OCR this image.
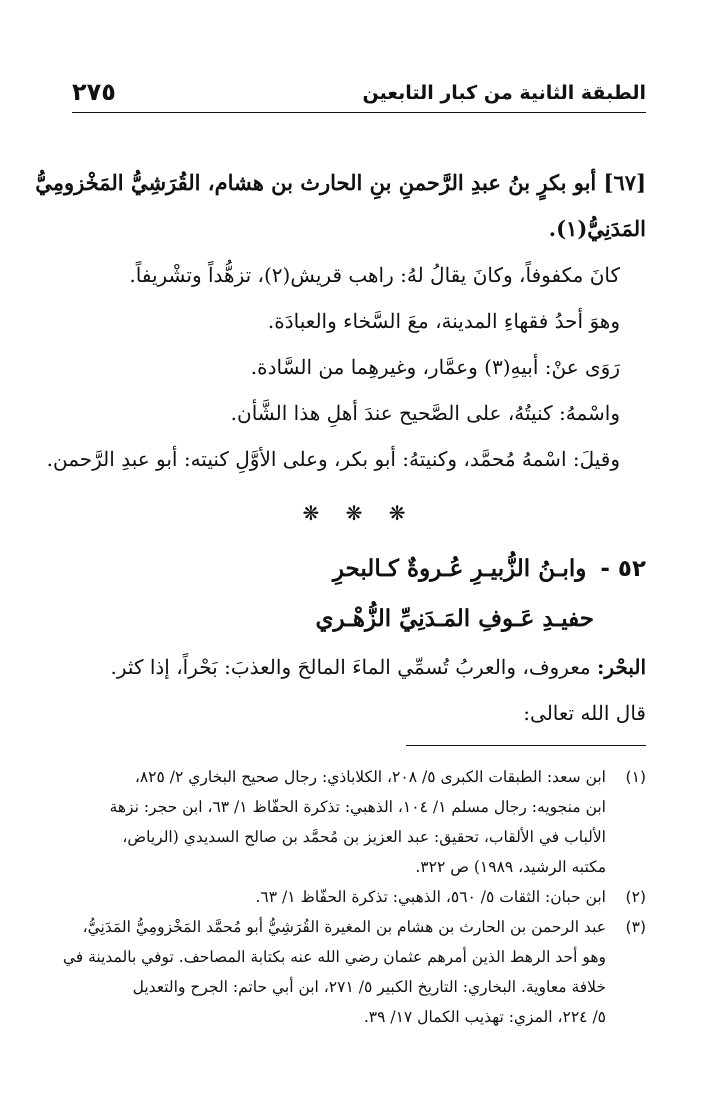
الطبقة الثانية من كبار التابعين
٢٧٥

[٦٧] أبو بكرٍ بنُ عبدِ الرَّحمنِ بنِ الحارث بن هشام، القُرَشِيُّ المَخْزومِيُّ

المَدَنِيُّ(١).

كانَ مكفوفاً، وكانَ يقالُ لهُ: راهب قريش(٢)، تزهُّداً وتشْريفاً.

وهوَ أحدُ فقهاءِ المدينة، معَ السَّخاء والعبادَة.

رَوَى عنْ: أبيهِ(٣) وعمَّار، وغيرهِما من السَّادة.

واسْمهُ: كنيتُهُ، على الصَّحيح عندَ أهلِ هذا الشَّأن.

وقيلَ: اسْمهُ مُحمَّد، وكنيتهُ: أبو بكر، وعلى الأوَّلِ كنيته: أبو عبدِ الرَّحمن.

❋ ❋ ❋

٥٢ -وابـنُ الزُّبيـرِ عُـروةٌ كـالبحرِ

حفيـدِ عَـوفِ المَـدَنِيِّ الزُّهْـري

البحْر: معروف، والعربُ تُسمِّي الماءَ المالحَ والعذبَ: بَحْراً، إذا كثر.

قال الله تعالى:

(١)
ابن سعد: الطبقات الكبرى ٥/ ٢٠٨، الكلاباذي: رجال صحيح البخاري ٢/ ٨٢٥،
ابن منجويه: رجال مسلم ١/ ١٠٤، الذهبي: تذكرة الحفّاظ ١/ ٦٣، ابن حجر: نزهة
الألباب في الألقاب، تحقيق: عبد العزيز بن مُحمَّد بن صالح السديدي (الرياض،
مكتبه الرشيد، ١٩٨٩) ص ٣٢٢.
(٢)
ابن حبان: الثقات ٥/ ٥٦٠، الذهبي: تذكرة الحفّاظ ١/ ٦٣.
(٣)
عبد الرحمن بن الحارث بن هشام بن المغيرة القُرَشِيُّ أبو مُحمَّد المَخْزومِيُّ المَدَنِيُّ،
وهو أحد الرهط الذين أمرهم عثمان رضي الله عنه بكتابة المصاحف. توفي بالمدينة في
خلافة معاوية. البخاري: التاريخ الكبير ٥/ ٢٧١، ابن أبي حاتم: الجرح والتعديل
٥/ ٢٢٤، المزي: تهذيب الكمال ١٧/ ٣٩.
